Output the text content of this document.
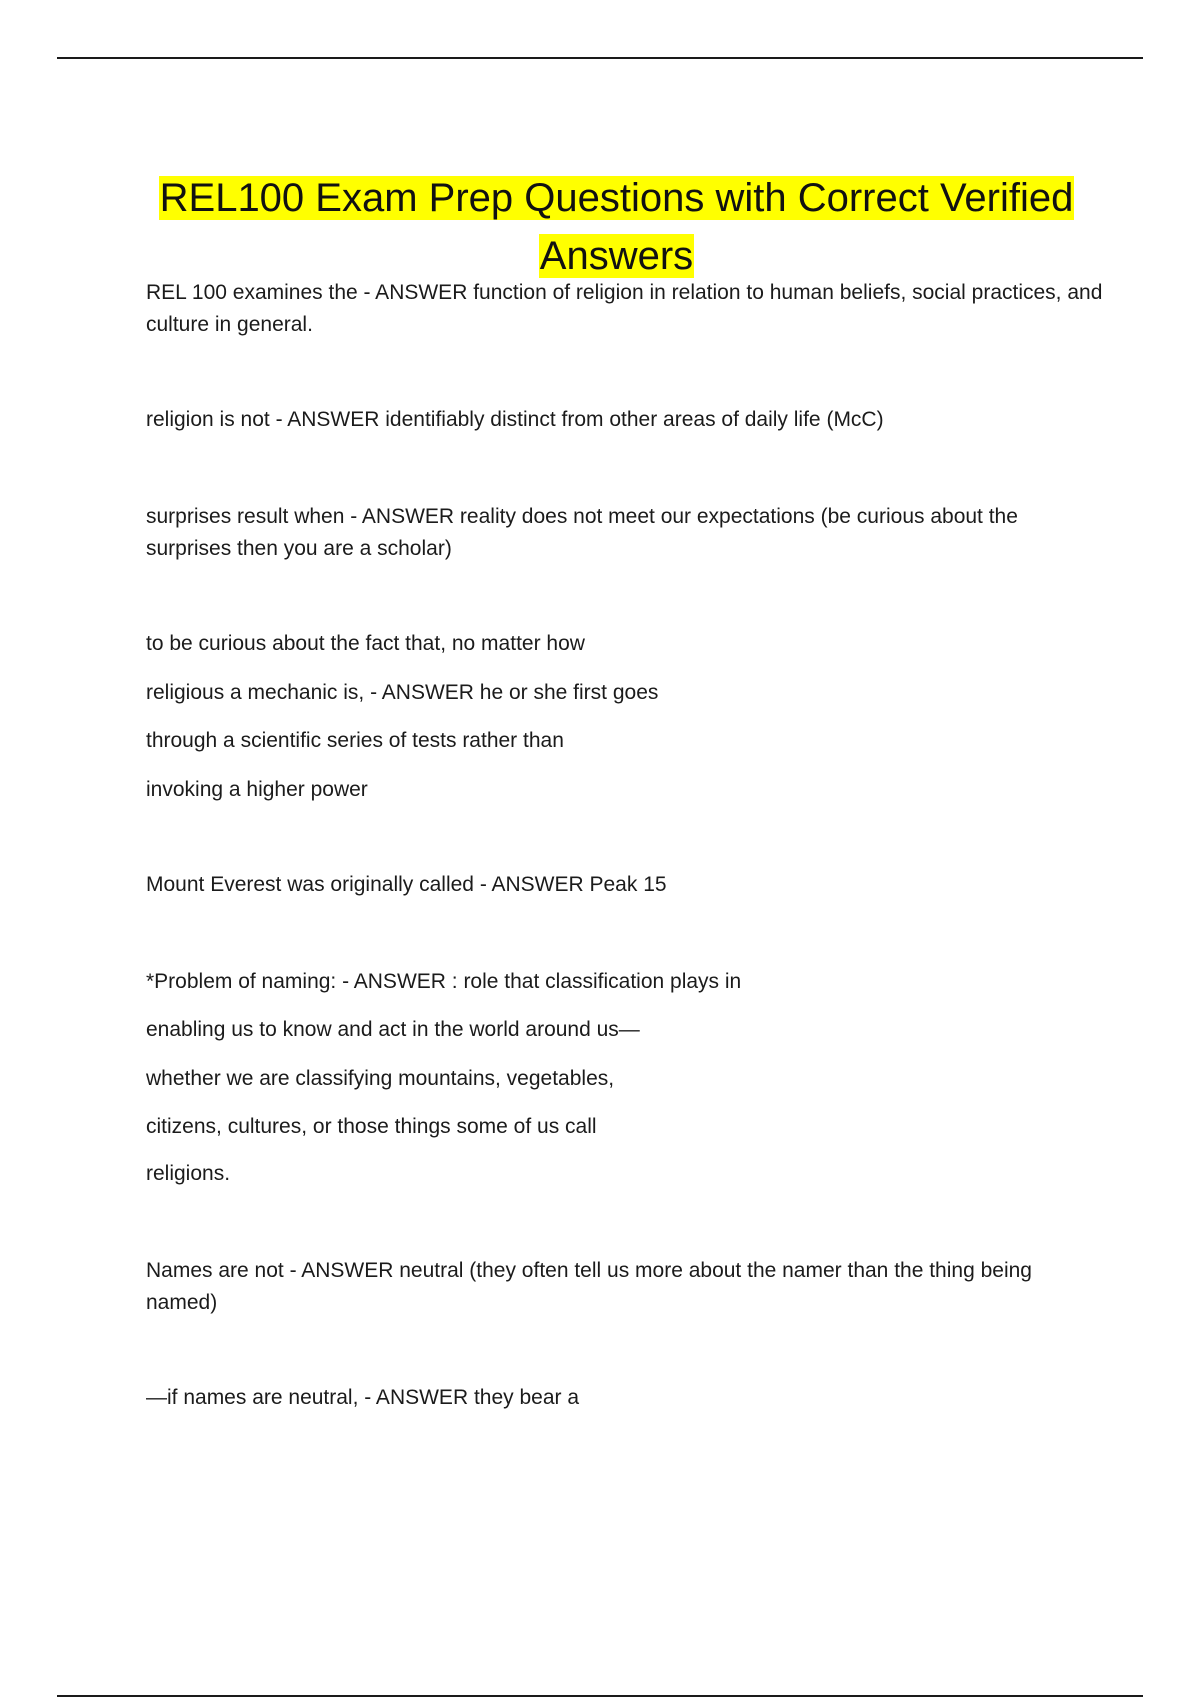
REL100 Exam Prep Questions with Correct Verified
Answers

REL 100 examines the - ANSWER function of religion in relation to human beliefs, social practices, and culture in general.

religion is not - ANSWER identifiably distinct from other areas of daily life (McC)

surprises result when - ANSWER reality does not meet our expectations (be curious about the surprises then you are a scholar)

to be curious about the fact that, no matter how

religious a mechanic is, - ANSWER he or she first goes

through a scientific series of tests rather than

invoking a higher power

Mount Everest was originally called - ANSWER Peak 15

*Problem of naming: - ANSWER : role that classification plays in

enabling us to know and act in the world around us—

whether we are classifying mountains, vegetables,

citizens, cultures, or those things some of us call

religions.

Names are not - ANSWER neutral (they often tell us more about the namer than the thing being named)

—if names are neutral, - ANSWER they bear a
